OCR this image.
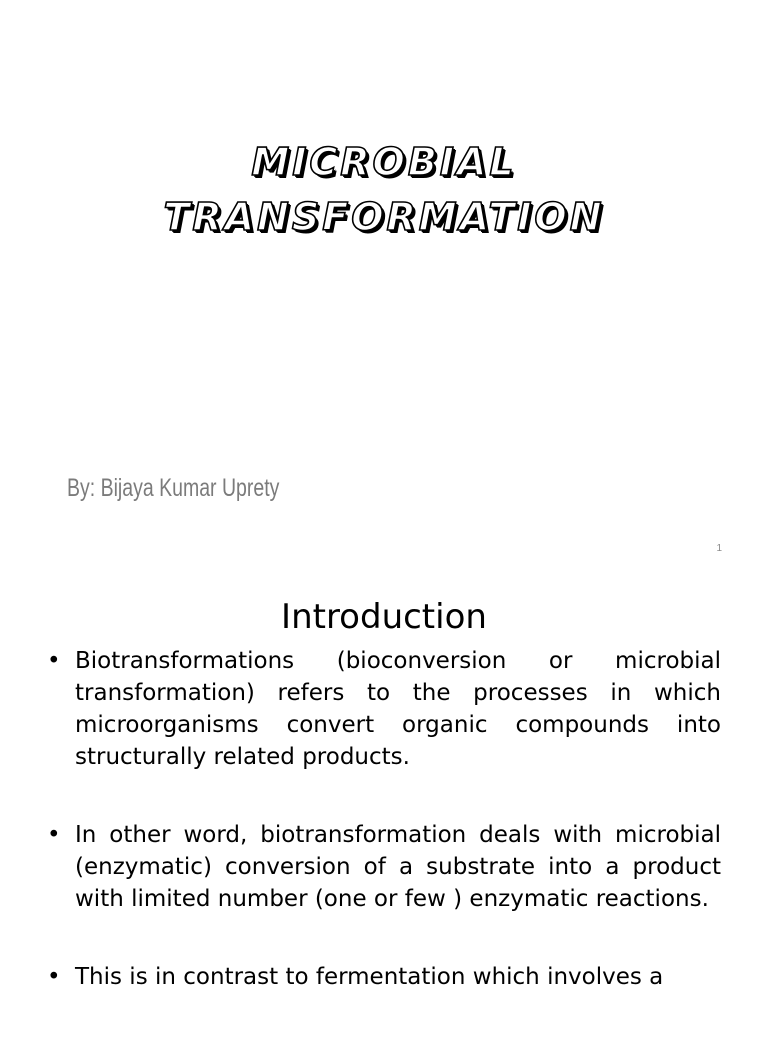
MICROBIAL
TRANSFORMATION
By: Bijaya Kumar Uprety
1
Introduction
• Biotransformations (bioconversion or microbial transformation) refers to the processes in which microorganisms convert organic compounds into structurally related products.
• In other word, biotransformation deals with microbial (enzymatic) conversion of a substrate into a product with limited number (one or few ) enzymatic reactions.
• This is in contrast to fermentation which involves a
